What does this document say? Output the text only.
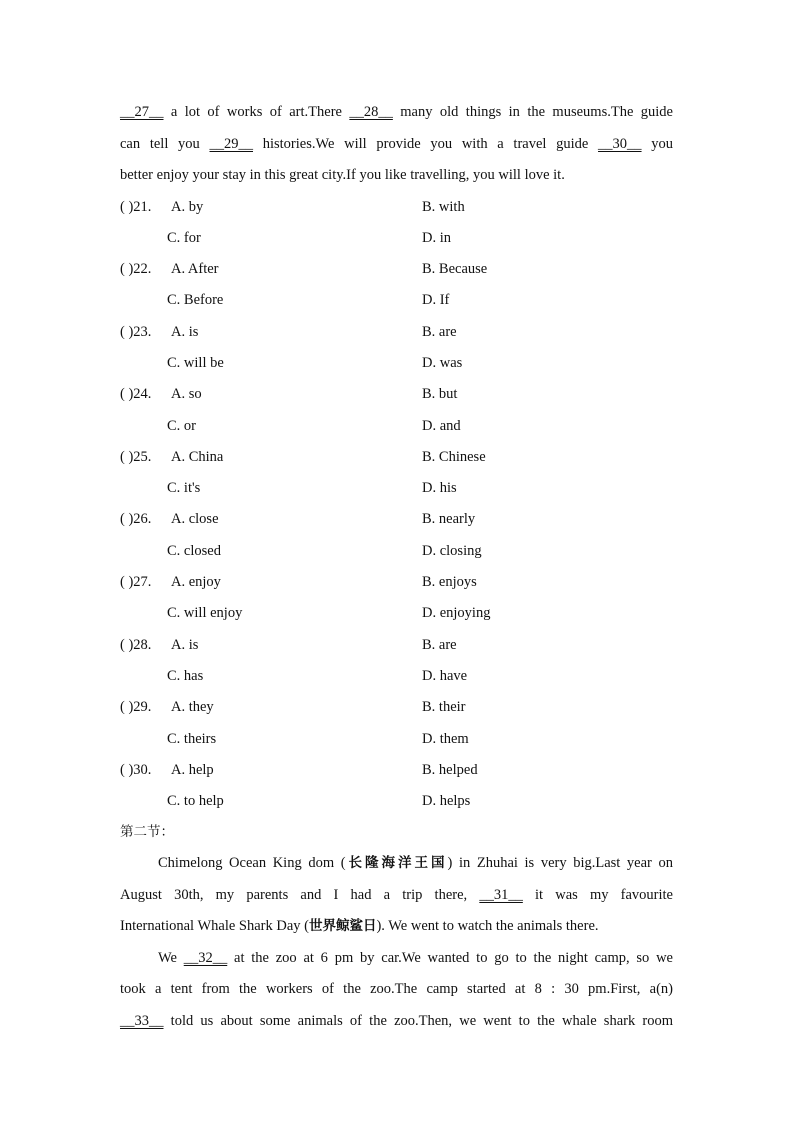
__27__ a lot of works of art.There __28__ many old things in the museums.The guide
can tell you __29__ histories.We will provide you with a travel guide __30__ you
better enjoy your stay in this great city.If you like travelling, you will love it.
( )21. A. by	B. with
C. for	D. in
( )22. A. After	B. Because
C. Before	D. If
( )23. A. is	B. are
C. will be	D. was
( )24. A. so	B. but
C. or	D. and
( )25. A. China	B. Chinese
C. it's	D. his
( )26. A. close	B. nearly
C. closed	D. closing
( )27. A. enjoy	B. enjoys
C. will enjoy	D. enjoying
( )28. A. is	B. are
C. has	D. have
( )29. A. they	B. their
C. theirs	D. them
( )30. A. help	B. helped
C. to help	D. helps
第二节：
Chimelong Ocean King dom (长隆海洋王国) in Zhuhai is very big.Last year on
August 30th, my parents and I had a trip there, __31__ it was my favourite
International Whale Shark Day (世界鲸鲨日). We went to watch the animals there.
We __32__ at the zoo at 6 pm by car.We wanted to go to the night camp, so we
took a tent from the workers of the zoo.The camp started at 8 : 30 pm.First, a(n)
__33__ told us about some animals of the zoo.Then, we went to the whale shark room
